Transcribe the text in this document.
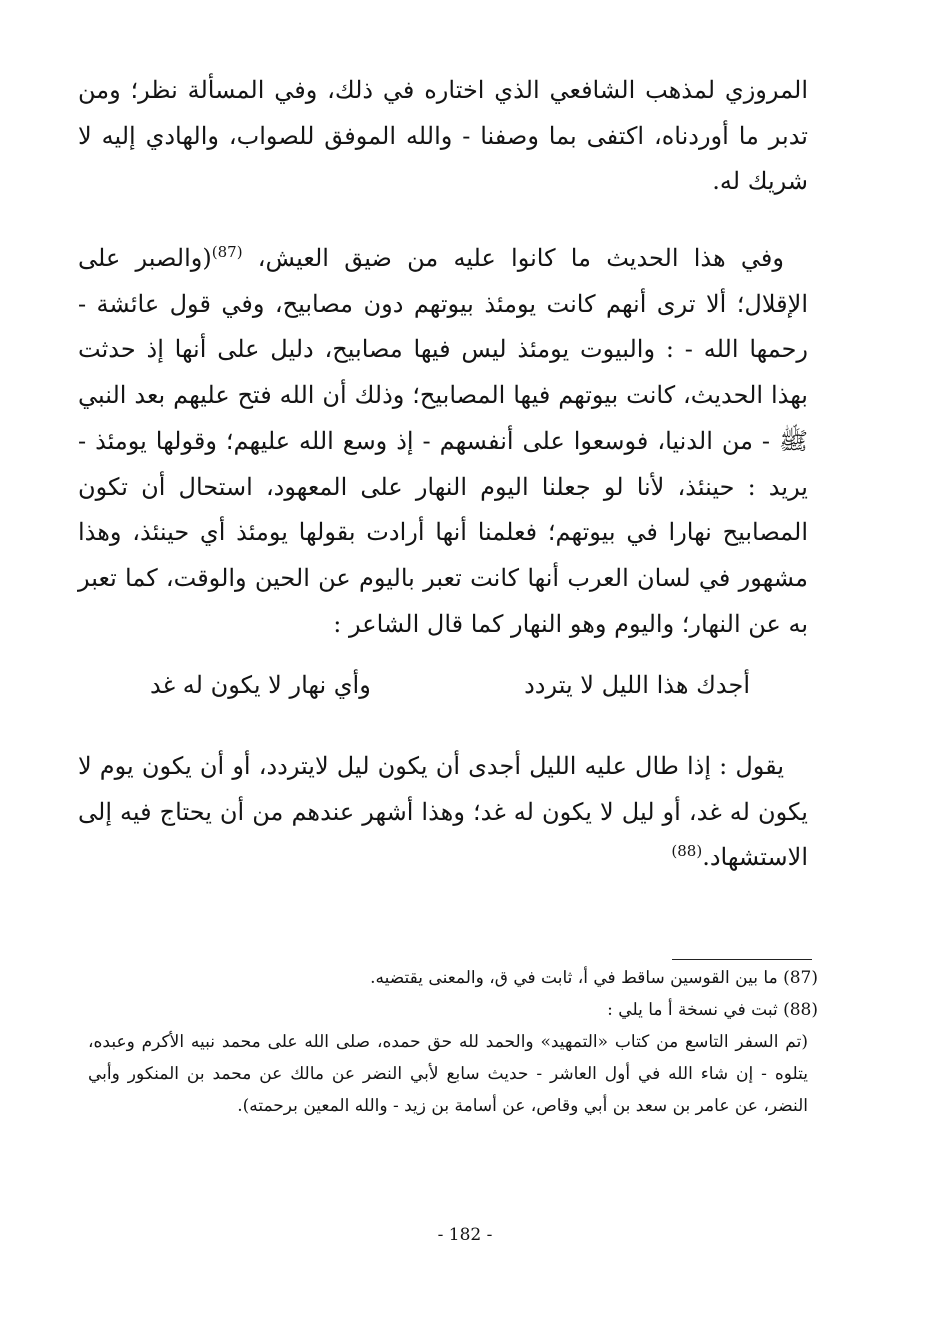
المروزي لمذهب الشافعي الذي اختاره في ذلك، وفي المسألة نظر؛ ومن تدبر ما أوردناه، اكتفى بما وصفنا - والله الموفق للصواب، والهادي إليه لا شريك له.

وفي هذا الحديث ما كانوا عليه من ضيق العيش، $^{(87)}$(والصبر على الإقلال؛ ألا ترى أنهم كانت يومئذ بيوتهم دون مصابيح، وفي قول عائشة - رحمها الله - : والبيوت يومئذ ليس فيها مصابيح، دليل على أنها إذ حدثت بهذا الحديث، كانت بيوتهم فيها المصابيح؛ وذلك أن الله فتح عليهم بعد النبي ﷺ - من الدنيا، فوسعوا على أنفسهم - إذ وسع الله عليهم؛ وقولها يومئذ - يريد : حينئذ، لأنا لو جعلنا اليوم النهار على المعهود، استحال أن تكون المصابيح نهارا في بيوتهم؛ فعلمنا أنها أرادت بقولها يومئذ أي حينئذ، وهذا مشهور في لسان العرب أنها كانت تعبر باليوم عن الحين والوقت، كما تعبر به عن النهار؛ واليوم وهو النهار كما قال الشاعر :

أجدك هذا الليل لا يتردد
وأي نهار لا يكون له غد

يقول : إذا طال عليه الليل أجدى أن يكون ليل لايتردد، أو أن يكون يوم لا يكون له غد، أو ليل لا يكون له غد؛ وهذا أشهر عندهم من أن يحتاج فيه إلى الاستشهاد.$^{(88)}$

(87) ما بين القوسين ساقط في أ، ثابت في ق، والمعنى يقتضيه.

(88) ثبت في نسخة أ ما يلي :

(تم السفر التاسع من كتاب «التمهيد» والحمد لله حق حمده، صلى الله على محمد نبيه الأكرم وعبده، يتلوه - إن شاء الله في أول العاشر - حديث سابع لأبي النضر عن مالك عن محمد بن المنكور وأبي النضر، عن عامر بن سعد بن أبي وقاص، عن أسامة بن زيد - والله المعين برحمته).

- 182 -
